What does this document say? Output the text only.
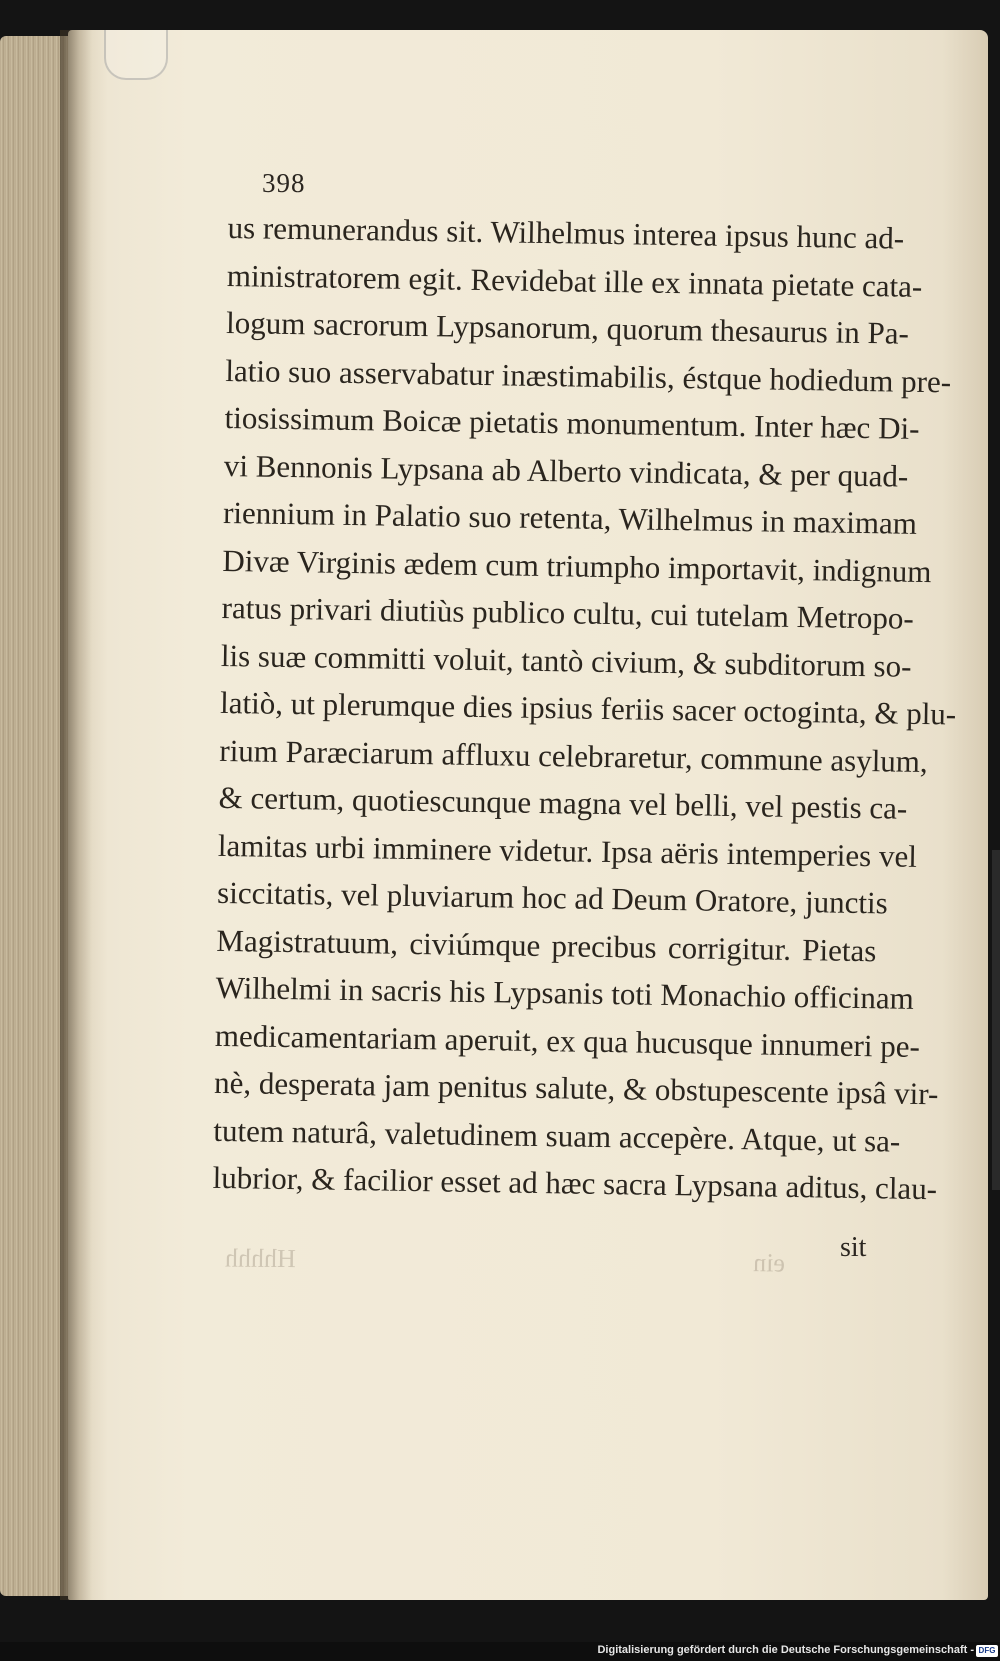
398
us remunerandus sit. Wilhelmus interea ipsus hunc ad-
ministratorem egit. Revidebat ille ex innata pietate cata-
logum sacrorum Lypsanorum, quorum thesaurus in Pa-
latio suo asservabatur inæstimabilis, éstque hodiedum pre-
tiosissimum Boicæ pietatis monumentum. Inter hæc Di-
vi Bennonis Lypsana ab Alberto vindicata, & per quad-
riennium in Palatio suo retenta, Wilhelmus in maximam
Divæ Virginis ædem cum triumpho importavit, indignum
ratus privari diutiùs publico cultu, cui tutelam Metropo-
lis suæ committi voluit, tantò civium, & subditorum so-
latiò, ut plerumque dies ipsius feriis sacer octoginta, & plu-
rium Paræciarum affluxu celebraretur, commune asylum,
& certum, quotiescunque magna vel belli, vel pestis ca-
lamitas urbi imminere videtur. Ipsa aëris intemperies vel
siccitatis, vel pluviarum hoc ad Deum Oratore, junctis
Magistratuum, civiúmque precibus corrigitur. Pietas
Wilhelmi in sacris his Lypsanis toti Monachio officinam
medicamentariam aperuit, ex qua hucusque innumeri pe-
nè, desperata jam penitus salute, & obstupescente ipsâ vir-
tutem naturâ, valetudinem suam accepère. Atque, ut sa-
lubrior, & facilior esset ad hæc sacra Lypsana aditus, clau-
ein
Hhhhh	sit
Digitalisierung gefördert durch die Deutsche Forschungsgemeinschaft - DFG
